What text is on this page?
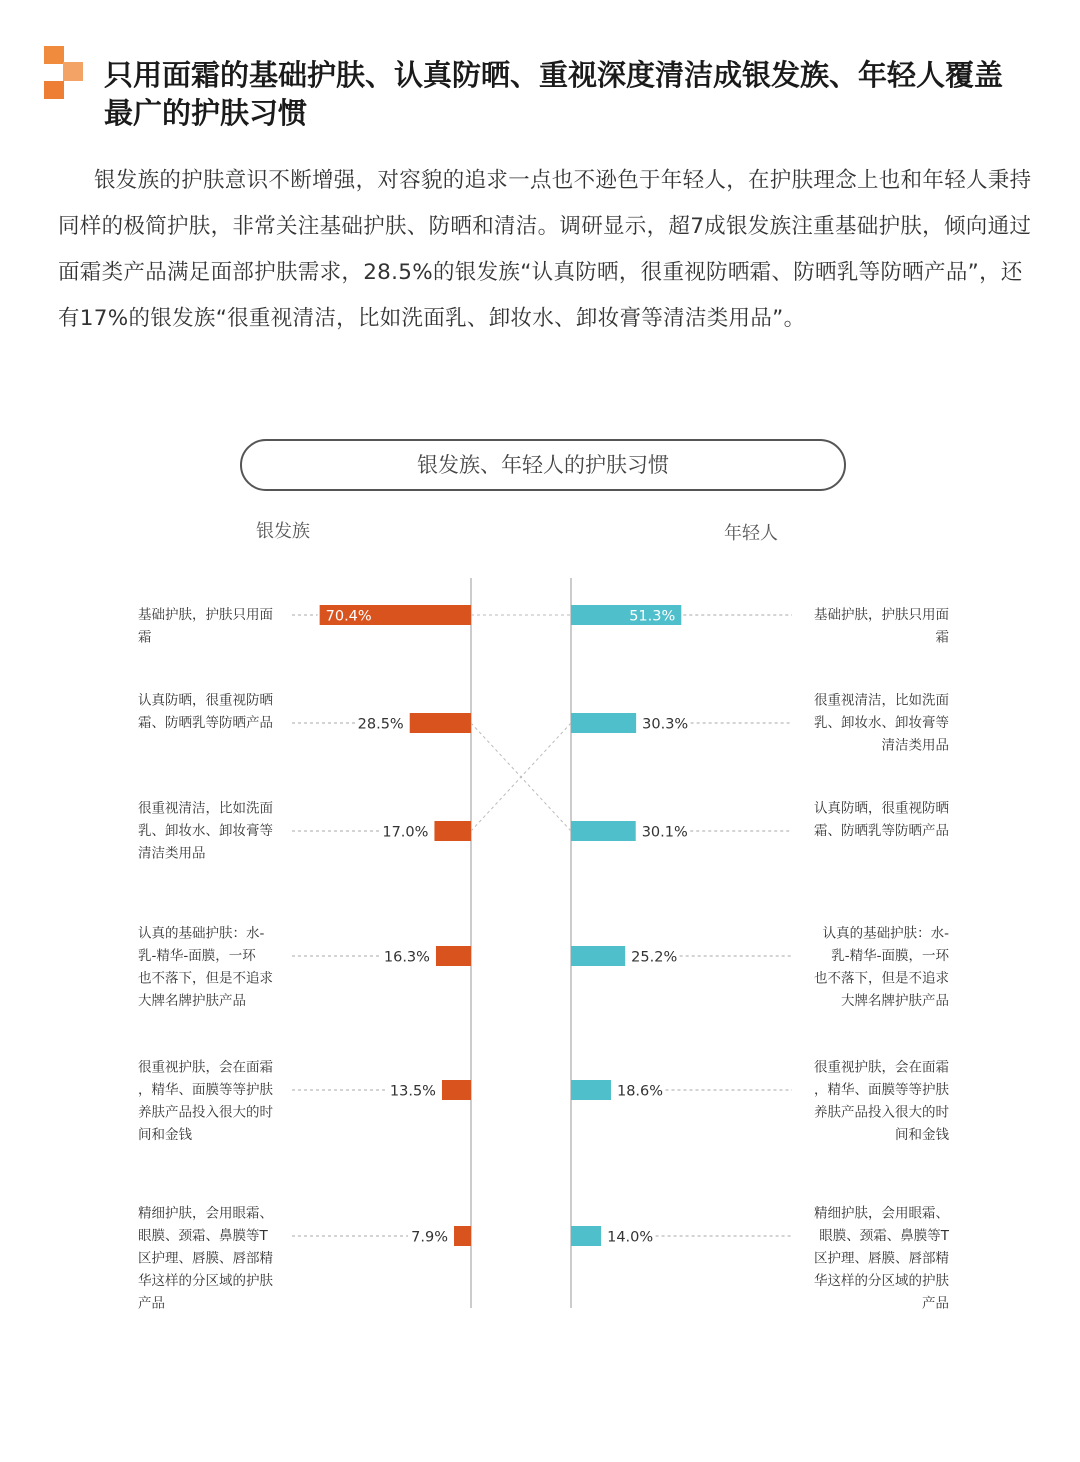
只用面霜的基础护肤、认真防晒、重视深度清洁成银发族、年轻人覆盖最广的护肤习惯
银发族的护肤意识不断增强，对容貌的追求一点也不逊色于年轻人，在护肤理念上也和年轻人秉持同样的极简护肤，非常关注基础护肤、防晒和清洁。调研显示，超7成银发族注重基础护肤，倾向通过面霜类产品满足面部护肤需求，28.5%的银发族“认真防晒，很重视防晒霜、防晒乳等防晒产品”，还有17%的银发族“很重视清洁，比如洗面乳、卸妆水、卸妆膏等清洁类用品”。
银发族、年轻人的护肤习惯
银发族	年轻人
70.4%
基础护肤，护肤只用面霜
28.5%
认真防晒，很重视防晒霜、防晒乳等防晒产品
17.0%
很重视清洁，比如洗面乳、卸妆水、卸妆膏等清洁类用品
16.3%
认真的基础护肤：水-乳-精华-面膜，一环也不落下，但是不追求大牌名牌护肤产品
13.5%
很重视护肤，会在面霜，精华、面膜等等护肤养肤产品投入很大的时间和金钱
7.9%
精细护肤，会用眼霜、眼膜、颈霜、鼻膜等T 区护理、唇膜、唇部精华这样的分区域的护肤产品
51.3%	基础护肤，护肤只用面霜
30.3%
很重视清洁，比如洗面乳、卸妆水、卸妆膏等清洁类用品
30.1%
认真防晒，很重视防晒霜、防晒乳等防晒产品
25.2%
认真的基础护肤：水-乳-精华-面膜，一环也不落下，但是不追求大牌名牌护肤产品
18.6%
很重视护肤，会在面霜，精华、面膜等等护肤养肤产品投入很大的时间和金钱
14.0%
精细护肤，会用眼霜、眼膜、颈霜、鼻膜等T 区护理、唇膜、唇部精华这样的分区域的护肤产品
